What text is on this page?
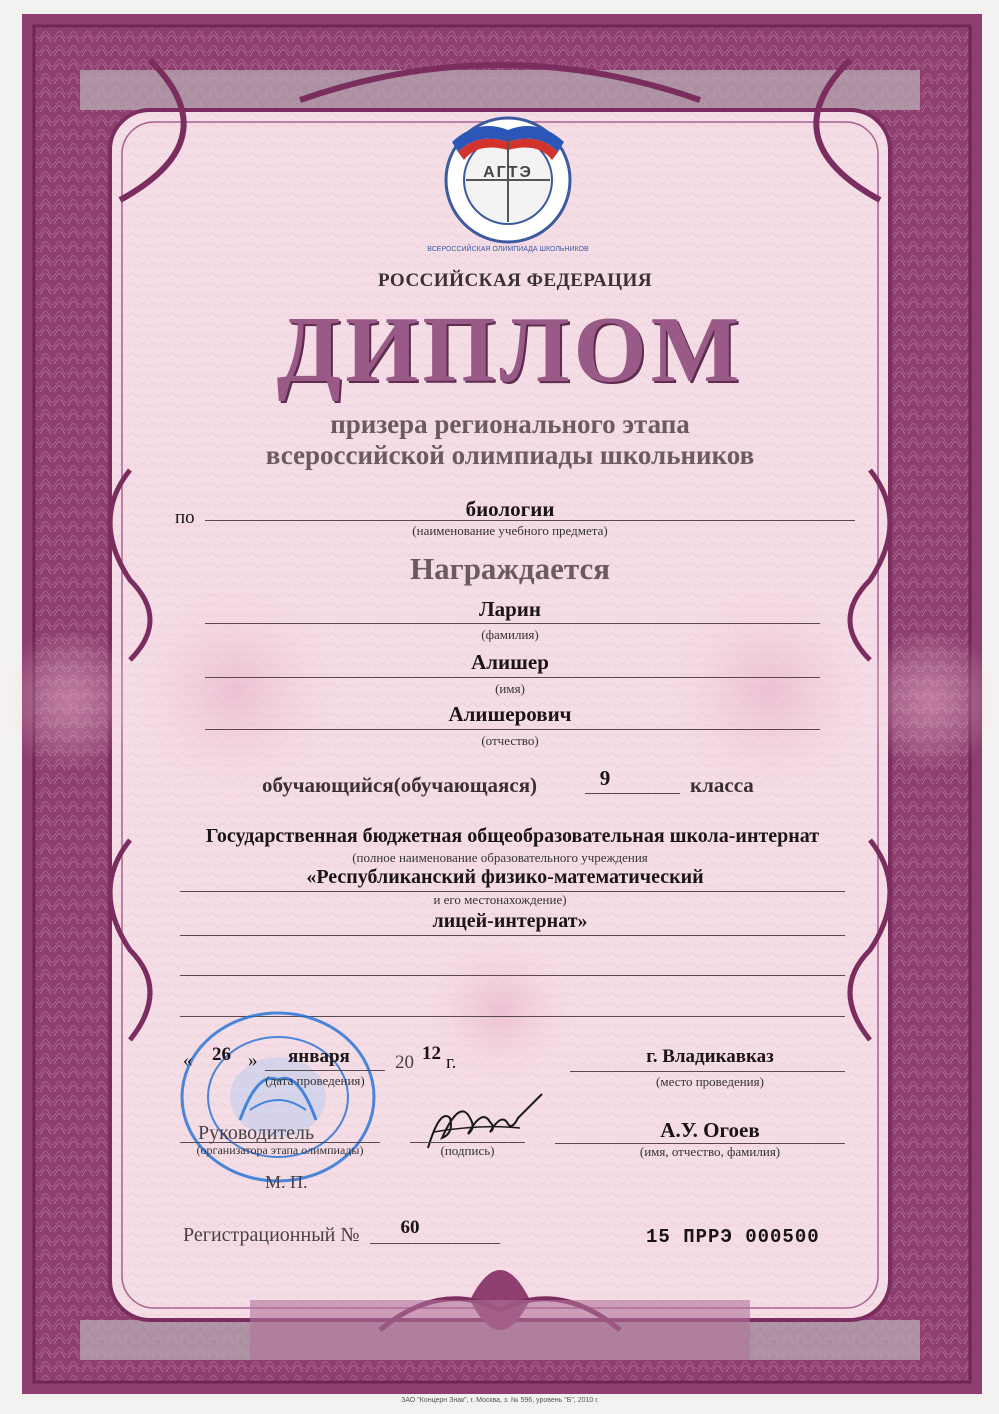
АГТЭ
ВСЕРОССИЙСКАЯ ОЛИМПИАДА ШКОЛЬНИКОВ
РОССИЙСКАЯ ФЕДЕРАЦИЯ
ДИПЛОМ
призера регионального этапа
всероссийской олимпиады школьников
по	биологии
(наименование учебного предмета)
Награждается
Ларин
(фамилия)
Алишер
(имя)
Алишерович
(отчество)
обучающийся(обучающаяся)	9	класса
Государственная бюджетная общеобразовательная школа-интернат
(полное наименование образовательного учреждения
«Республиканский физико-математический
и его местонахождение)
лицей-интернат»
« 26 » января 20 12 г.
(дата проведения)
г. Владикавказ
(место проведения)
Руководитель
(организатора этапа олимпиады)	(подпись)
А.У. Огоев
(имя, отчество, фамилия)
М. П.
Регистрационный №	60	15 ПРРЭ 000500
ЗАО "Концерн Знак", г. Москва, з. № 596, уровень "Б", 2010 г.
